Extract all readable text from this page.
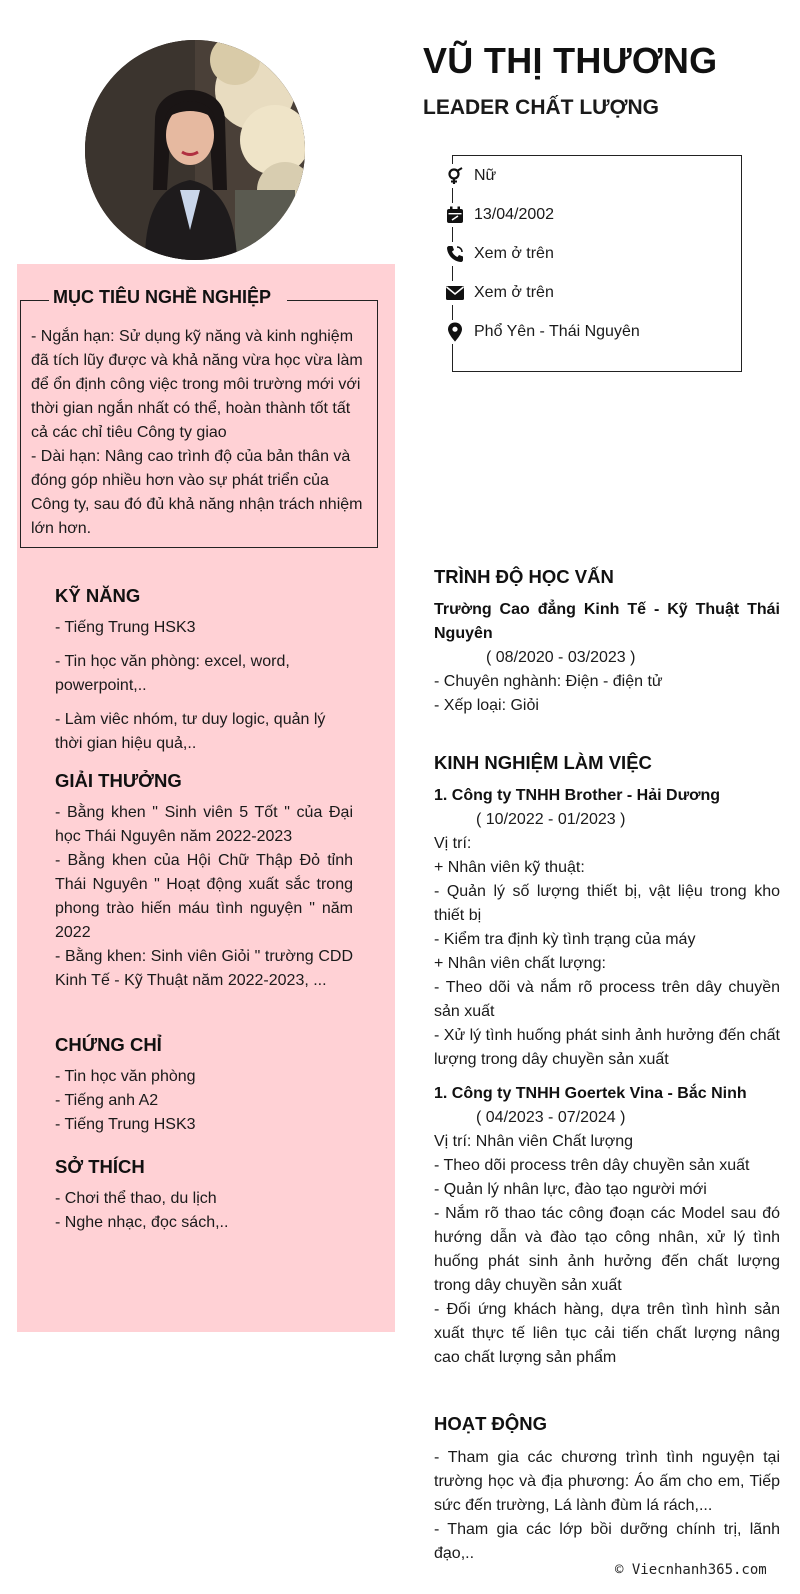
VŨ THỊ THƯƠNG
LEADER CHẤT LƯỢNG
Nữ
13/04/2002
Xem ở trên
Xem ở trên
Phổ Yên - Thái Nguyên
MỤC TIÊU NGHỀ NGHIỆP
- Ngắn hạn: Sử dụng kỹ năng và kinh nghiệm đã tích lũy được và khả năng vừa học vừa làm để ổn định công việc trong môi trường mới với thời gian ngắn nhất có thể, hoàn thành tốt tất cả các chỉ tiêu Công ty giao
- Dài hạn: Nâng cao trình độ của bản thân và đóng góp nhiều hơn vào sự phát triển của Công ty, sau đó đủ khả năng nhận trách nhiệm lớn hơn.
KỸ NĂNG
- Tiếng Trung HSK3
- Tin học văn phòng: excel, word, powerpoint,..
- Làm viêc nhóm, tư duy logic, quản lý thời gian hiệu quả,..
GIẢI THƯỞNG
- Bằng khen " Sinh viên 5 Tốt " của Đại học Thái Nguyên năm 2022-2023
- Bằng khen của Hội Chữ Thập Đỏ tỉnh Thái Nguyên " Hoạt động xuất sắc trong phong trào hiến máu tình nguyện " năm 2022
- Bằng khen: Sinh viên Giỏi " trường CDD Kinh Tế - Kỹ Thuật năm 2022-2023, ...
CHỨNG CHỈ
- Tin học văn phòng
- Tiếng anh A2
- Tiếng Trung HSK3
SỞ THÍCH
- Chơi thể thao, du lịch
- Nghe nhạc, đọc sách,..
TRÌNH ĐỘ HỌC VẤN
Trường Cao đẳng Kinh Tế - Kỹ Thuật Thái Nguyên
( 08/2020 - 03/2023 )
- Chuyên nghành: Điện - điện tử
- Xếp loại: Giỏi
KINH NGHIỆM LÀM VIỆC
1. Công ty TNHH Brother - Hải Dương
( 10/2022 - 01/2023 )
Vị trí:
+ Nhân viên kỹ thuật:
- Quản lý số lượng thiết bị, vật liệu trong kho thiết bị
- Kiểm tra định kỳ tình trạng của máy
+ Nhân viên chất lượng:
- Theo dõi và nắm rõ process trên dây chuyền sản xuất
- Xử lý tình huống phát sinh ảnh hưởng đến chất lượng trong dây chuyền sản xuất
1. Công ty TNHH Goertek Vina - Bắc Ninh
( 04/2023 - 07/2024 )
Vị trí: Nhân viên Chất lượng
- Theo dõi process trên dây chuyền sản xuất
- Quản lý nhân lực, đào tạo người mới
- Nắm rõ thao tác công đoạn các Model sau đó hướng dẫn và đào tạo công nhân, xử lý tình huống phát sinh ảnh hưởng đến chất lượng trong dây chuyền sản xuất
- Đối ứng khách hàng, dựa trên tình hình sản xuất thực tế liên tục cải tiến chất lượng nâng cao chất lượng sản phẩm
HOẠT ĐỘNG
- Tham gia các chương trình tình nguyện tại trường học và địa phương: Áo ấm cho em, Tiếp sức đến trường, Lá lành đùm lá rách,...
- Tham gia các lớp bồi dưỡng chính trị, lãnh đạo,..
© Viecnhanh365.com
